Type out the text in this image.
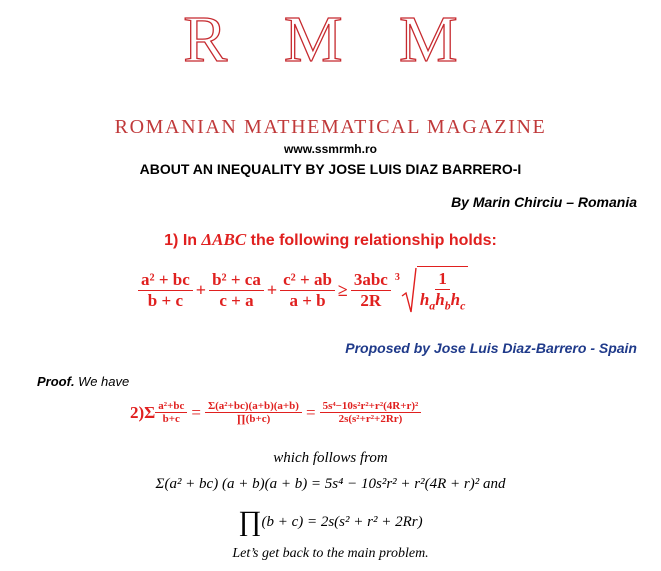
R M M
ROMANIAN MATHEMATICAL MAGAZINE
www.ssmrmh.ro
ABOUT AN INEQUALITY BY JOSE LUIS DIAZ BARRERO-I
By Marin Chirciu – Romania
1) In ΔABC the following relationship holds:
$\frac{\text{a² + bc}}{b + c} + \frac{\text{b² + ca}}{c + a} + \frac{\text{c² + ab}}{a + b} \ge \frac{\text{3abc}}{2R} 3 \frac{1}{h_ah_bh_c}$
Proposed by Jose Luis Diaz-Barrero - Spain
Proof. We have
$2)\Sigma \frac{\text{a²+bc}}{b+c} = \frac{\text{Σ(a²+bc)(a+b)(a+b)}}{\prod(b+c)} = \frac{\text{5s⁴−10s²r²+r²(4R+r)²}}{\text{2s(s²+r²+2Rr)}}$
which follows from
Σ(a² + bc) (a + b)(a + b) = 5s⁴ − 10s²r² + r²(4R + r)² and
∏(b + c) = 2s(s² + r² + 2Rr)
Let’s get back to the main problem.
